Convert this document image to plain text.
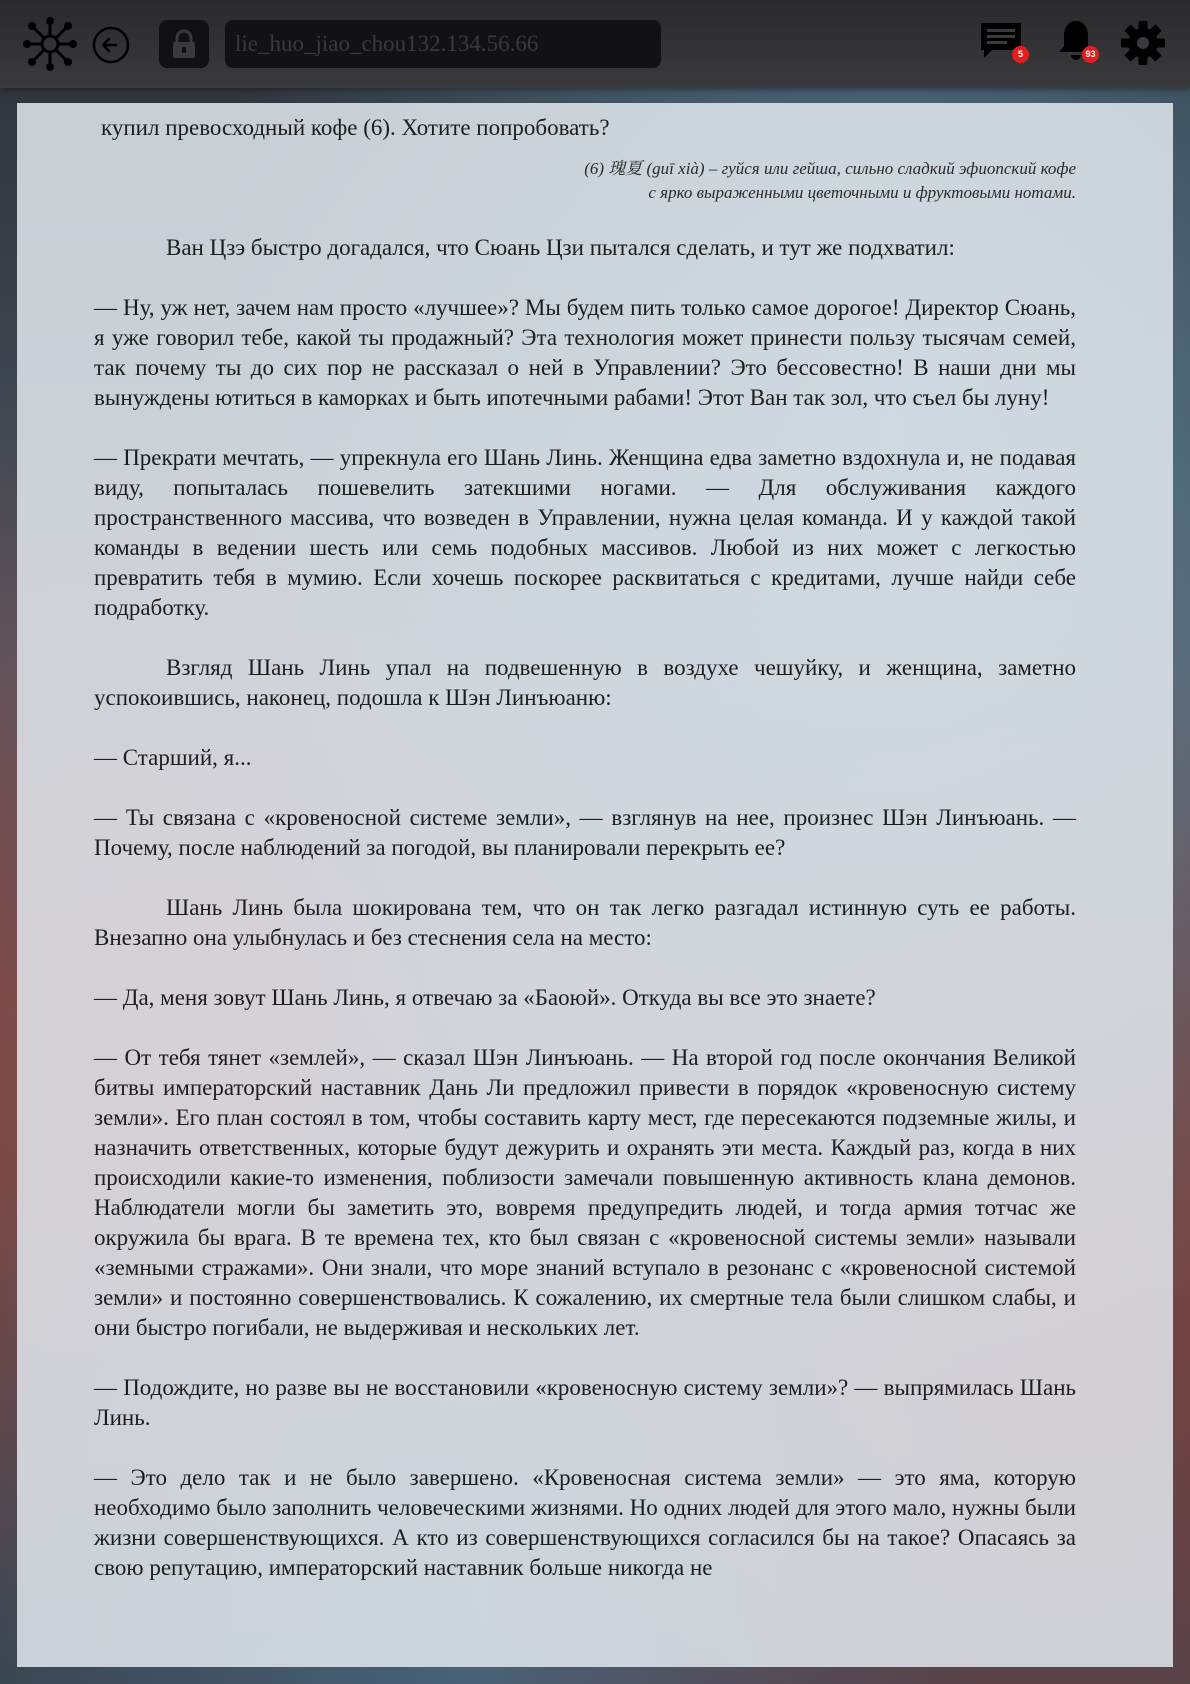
lie_huo_jiao_chou132.134.56.66
5	93

купил превосходный кофе (6). Хотите попробовать?

(6) 瑰夏 (guī xià) – гуйся или гейша, сильно сладкий эфиопский кофе
с ярко выраженными цветочными и фруктовыми нотами.

Ван Цзэ быстро догадался, что Сюань Цзи пытался сделать, и тут же подхватил:

— Ну, уж нет, зачем нам просто «лучшее»? Мы будем пить только самое дорогое! Директор Сюань, я уже говорил тебе, какой ты продажный? Эта технология может принести пользу тысячам семей, так почему ты до сих пор не рассказал о ней в Управлении? Это бессовестно! В наши дни мы вынуждены ютиться в каморках и быть ипотечными рабами! Этот Ван так зол, что съел бы луну!

— Прекрати мечтать, — упрекнула его Шань Линь. Женщина едва заметно вздохнула и, не подавая виду, попыталась пошевелить затекшими ногами. — Для обслуживания каждого пространственного массива, что возведен в Управлении, нужна целая команда. И у каждой такой команды в ведении шесть или семь подобных массивов. Любой из них может с легкостью превратить тебя в мумию. Если хочешь поскорее расквитаться с кредитами, лучше найди себе подработку.

Взгляд Шань Линь упал на подвешенную в воздухе чешуйку, и женщина, заметно успокоившись, наконец, подошла к Шэн Линъюаню:

— Старший, я...

— Ты связана с «кровеносной системе земли», — взглянув на нее, произнес Шэн Линъюань. — Почему, после наблюдений за погодой, вы планировали перекрыть ее?

Шань Линь была шокирована тем, что он так легко разгадал истинную суть ее работы. Внезапно она улыбнулась и без стеснения села на место:

— Да, меня зовут Шань Линь, я отвечаю за «Баоюй». Откуда вы все это знаете?

— От тебя тянет «землей», — сказал Шэн Линъюань. — На второй год после окончания Великой битвы императорский наставник Дань Ли предложил привести в порядок «кровеносную систему земли». Его план состоял в том, чтобы составить карту мест, где пересекаются подземные жилы, и назначить ответственных, которые будут дежурить и охранять эти места. Каждый раз, когда в них происходили какие-то изменения, поблизости замечали повышенную активность клана демонов. Наблюдатели могли бы заметить это, вовремя предупредить людей, и тогда армия тотчас же окружила бы врага. В те времена тех, кто был связан с «кровеносной системы земли» называли «земными стражами». Они знали, что море знаний вступало в резонанс с «кровеносной системой земли» и постоянно совершенствовались. К сожалению, их смертные тела были слишком слабы, и они быстро погибали, не выдерживая и нескольких лет.

— Подождите, но разве вы не восстановили «кровеносную систему земли»? — выпрямилась Шань Линь.

— Это дело так и не было завершено. «Кровеносная система земли» — это яма, которую необходимо было заполнить человеческими жизнями. Но одних людей для этого мало, нужны были жизни совершенствующихся. А кто из совершенствующихся согласился бы на такое? Опасаясь за свою репутацию, императорский наставник больше никогда не
